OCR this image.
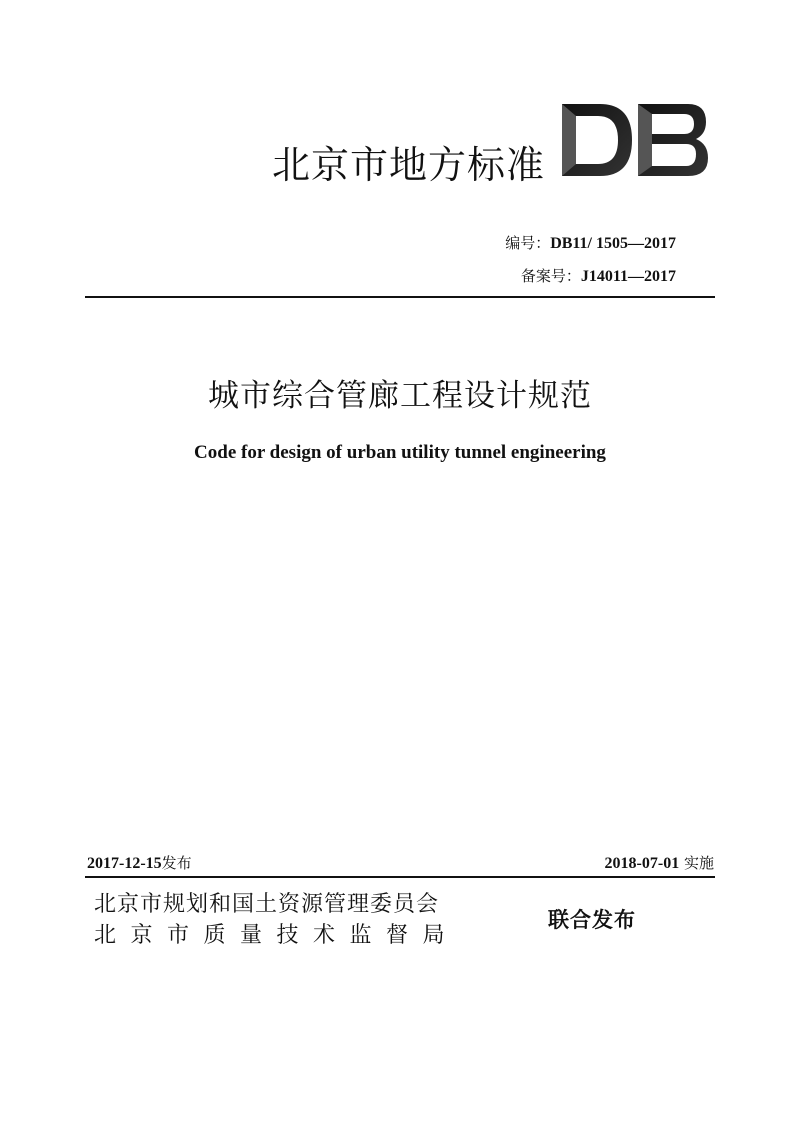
北京市地方标准
编号：DB11/ 1505—2017
备案号：J14011—2017
城市综合管廊工程设计规范
Code for design of urban utility tunnel engineering
2017-12-15发布	2018-07-01 实施
北京市规划和国土资源管理委员会
北京市质量技术监督局
联合发布
